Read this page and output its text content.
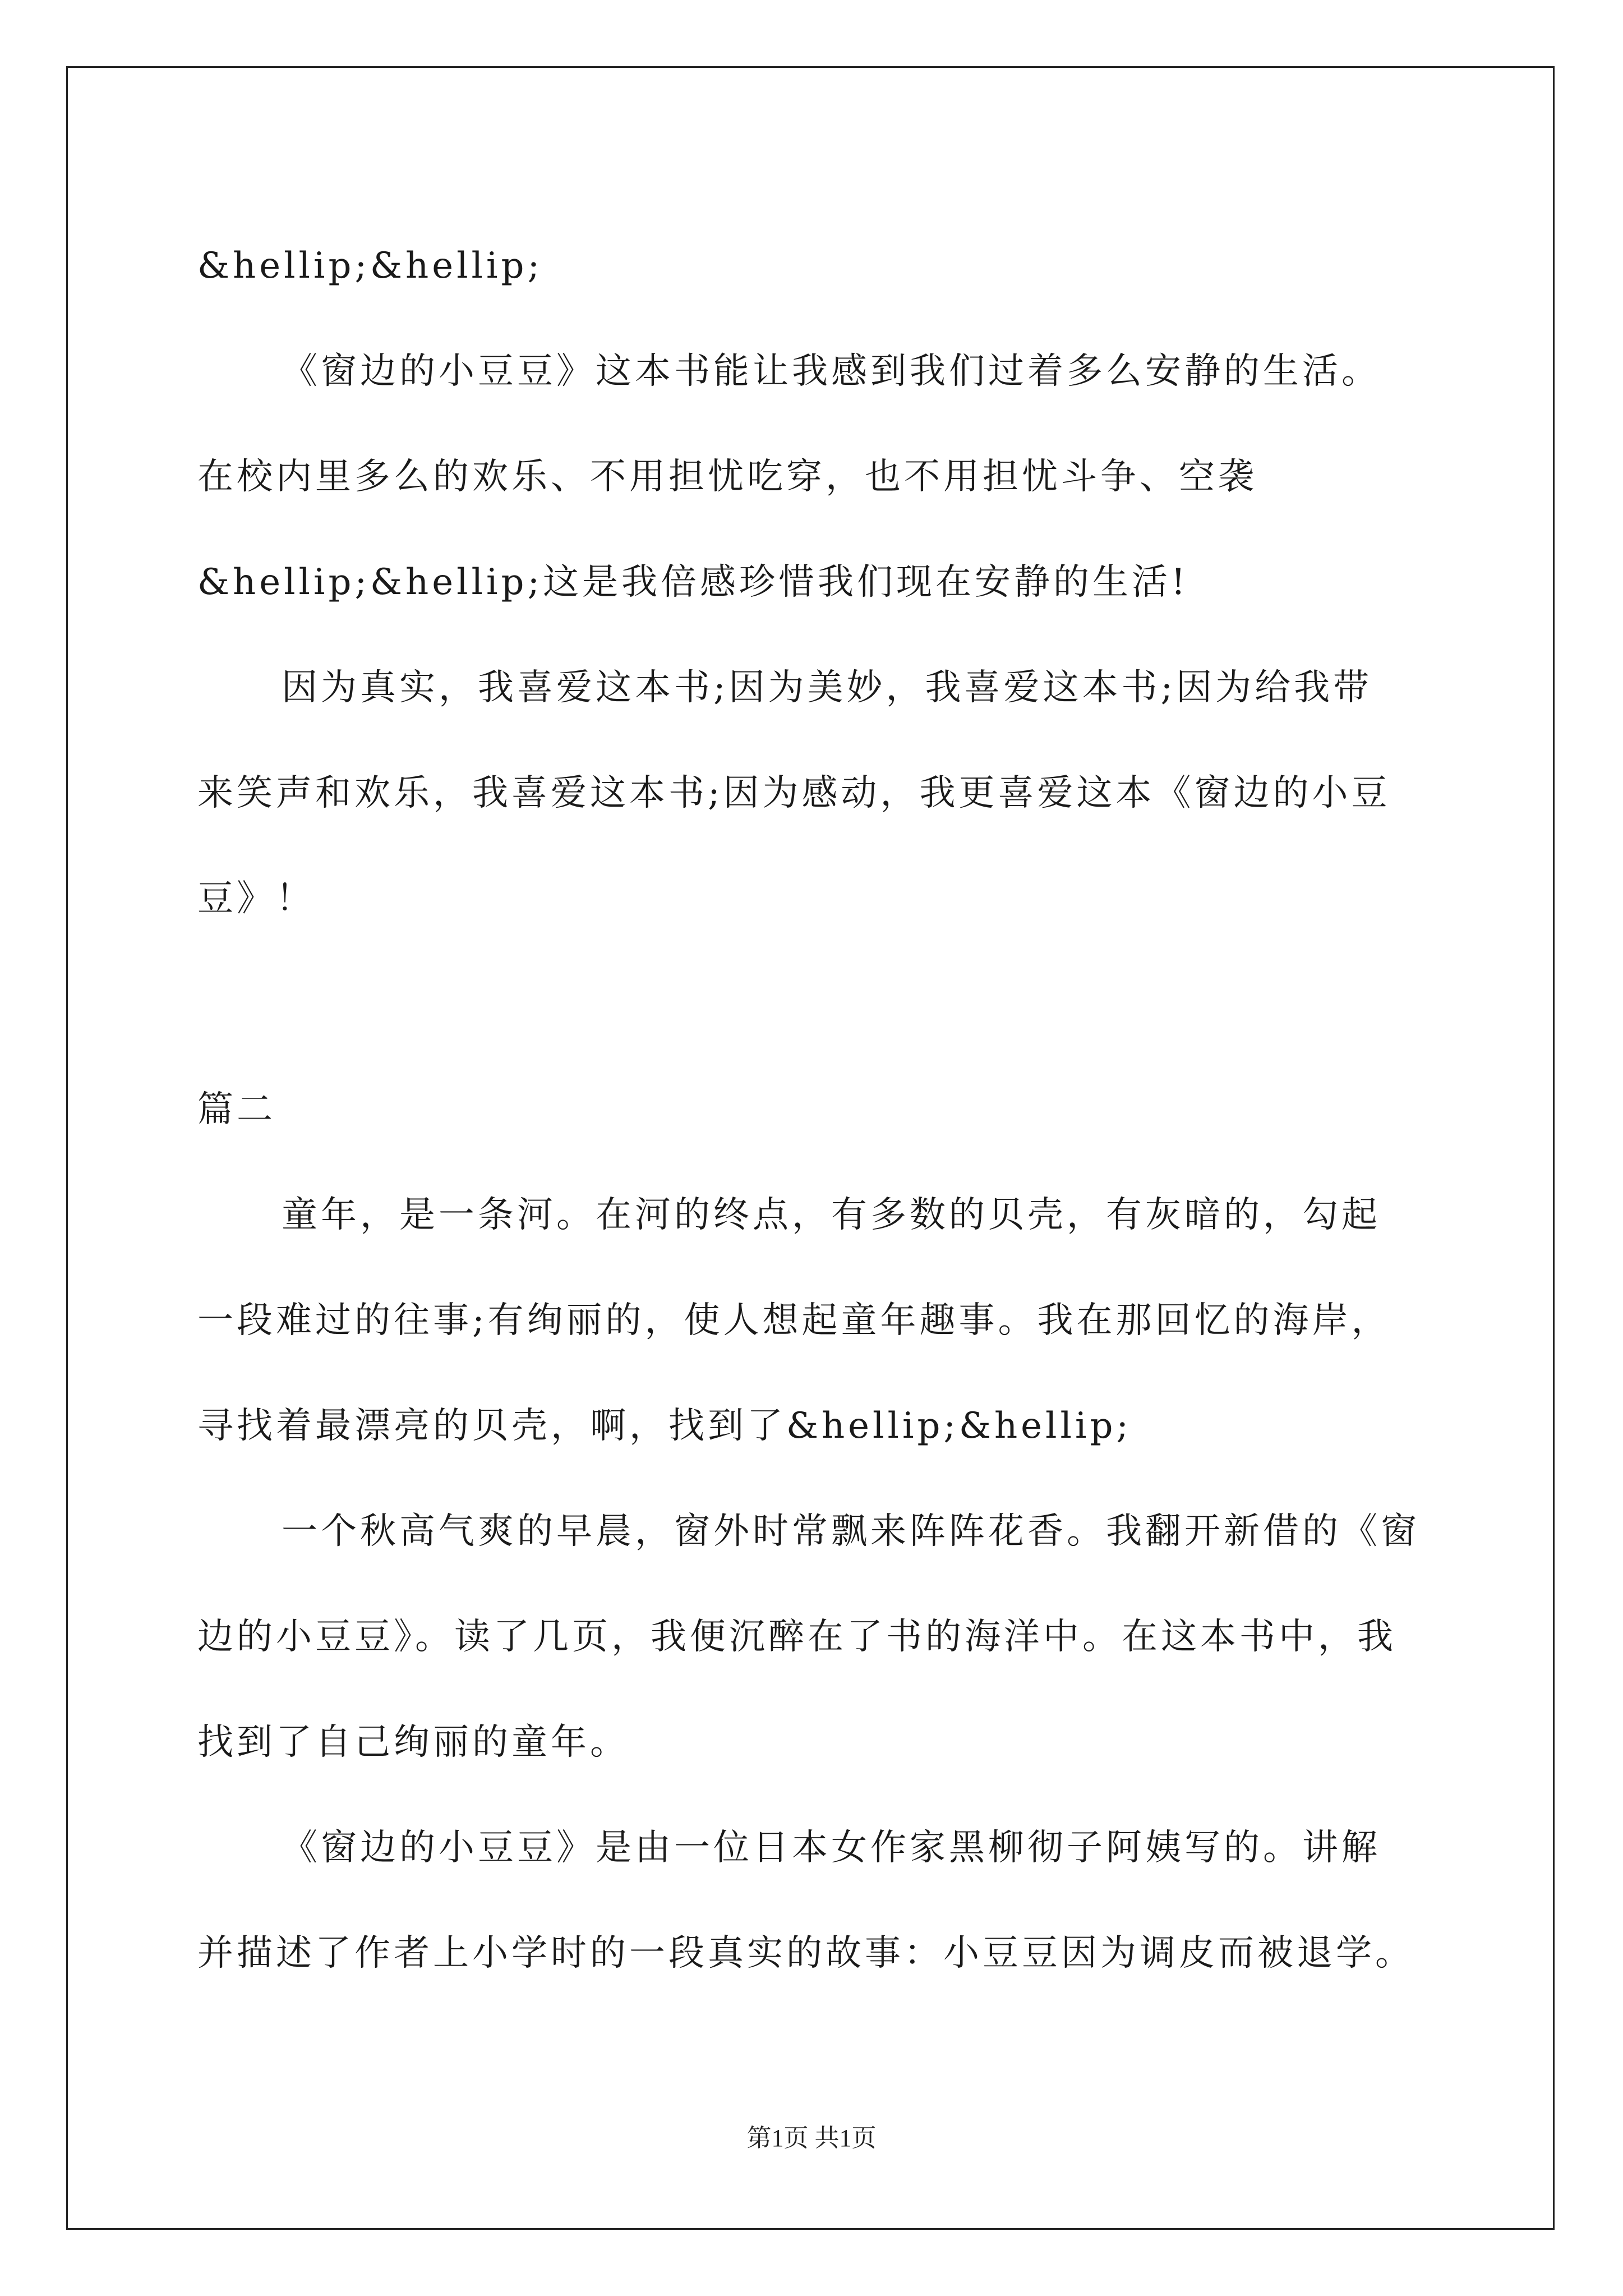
&hellip;&hellip;
《窗边的小豆豆》这本书能让我感到我们过着多么安静的生活。
在校内里多么的欢乐、不用担忧吃穿，也不用担忧斗争、空袭
&hellip;&hellip;这是我倍感珍惜我们现在安静的生活!
因为真实，我喜爱这本书;因为美妙，我喜爱这本书;因为给我带
来笑声和欢乐，我喜爱这本书;因为感动，我更喜爱这本《窗边的小豆
豆》！
篇二
童年，是一条河。在河的终点，有多数的贝壳，有灰暗的，勾起
一段难过的往事;有绚丽的，使人想起童年趣事。我在那回忆的海岸，
寻找着最漂亮的贝壳，啊，找到了&hellip;&hellip;
一个秋高气爽的早晨，窗外时常飘来阵阵花香。我翻开新借的《窗
边的小豆豆》。读了几页，我便沉醉在了书的海洋中。在这本书中，我
找到了自己绚丽的童年。
《窗边的小豆豆》是由一位日本女作家黑柳彻子阿姨写的。讲解
并描述了作者上小学时的一段真实的故事：小豆豆因为调皮而被退学。
第1页 共1页
